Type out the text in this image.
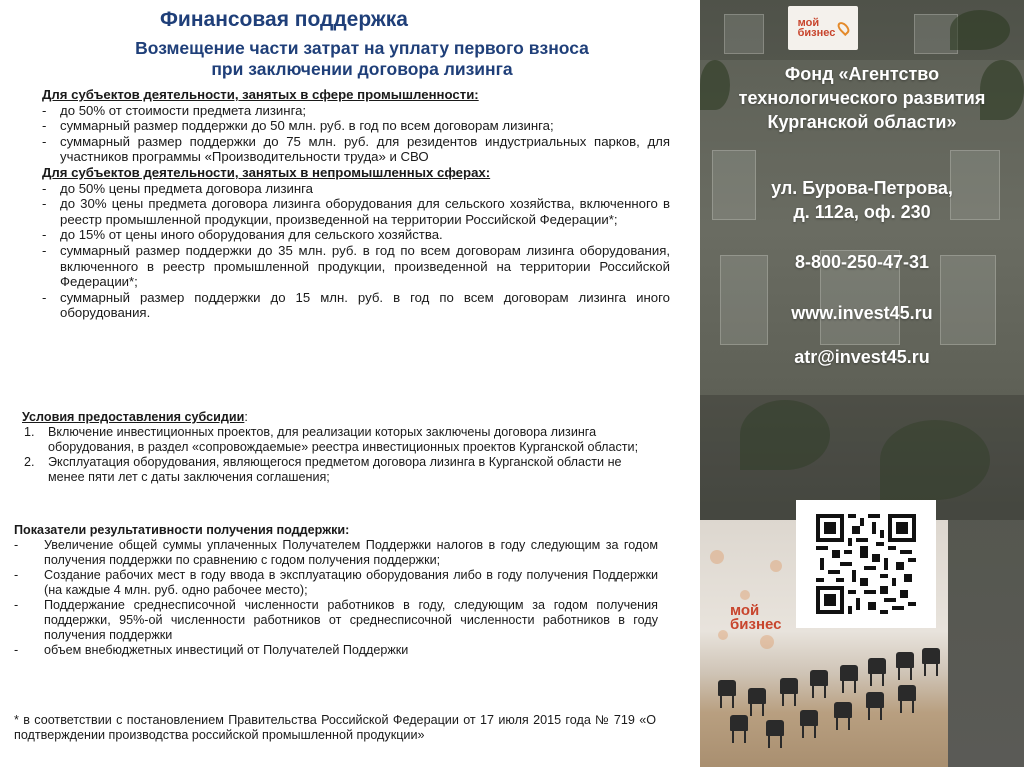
Финансовая поддержка
Возмещение части затрат на уплату первого взноса
при заключении договора лизинга
Для субъектов деятельности, занятых в сфере промышленности:
- до 50% от стоимости предмета лизинга;
- суммарный размер поддержки до 50 млн. руб. в год по всем договорам лизинга;
- суммарный размер поддержки до 75 млн. руб. для резидентов индустриальных парков, для участников программы «Производительности труда» и СВО
Для субъектов деятельности, занятых в непромышленных сферах:
- до 50% цены предмета договора лизинга
- до 30% цены предмета договора лизинга оборудования для сельского хозяйства, включенного в реестр промышленной продукции, произведенной на территории Российской Федерации*;
- до 15% от цены иного оборудования для сельского хозяйства.
- суммарный размер поддержки до 35 млн. руб. в год по всем договорам лизинга оборудования, включенного в реестр промышленной продукции, произведенной на территории Российской Федерации*;
- суммарный размер поддержки до 15 млн. руб. в год по всем договорам лизинга иного оборудования.
Условия предоставления субсидии:
1. Включение инвестиционных проектов, для реализации которых заключены договора лизинга оборудования, в раздел «сопровождаемые» реестра инвестиционных проектов Курганской области;
2. Эксплуатация оборудования, являющегося предметом договора лизинга в Курганской области не менее пяти лет с даты заключения соглашения;
Показатели результативности получения поддержки:
- Увеличение общей суммы уплаченных Получателем Поддержки налогов в году следующим за годом получения поддержки по сравнению с годом получения поддержки;
- Создание рабочих мест в году ввода в эксплуатацию оборудования либо в году получения Поддержки (на каждые 4 млн. руб. одно рабочее место);
- Поддержание среднесписочной численности работников в году, следующим за годом получения поддержки, 95%-ой численности работников от среднесписочной численности работников в году получения поддержки
- объем внебюджетных инвестиций от Получателей Поддержки
* в соответствии с постановлением Правительства Российской Федерации от 17 июля 2015 года № 719 «О подтверждении производства российской промышленной продукции»
мой
бизнес
Фонд «Агентство
технологического развития
Курганской области»
ул. Бурова-Петрова,
д. 112а, оф. 230
8-800-250-47-31
www.invest45.ru
atr@invest45.ru
мой
бизнес
